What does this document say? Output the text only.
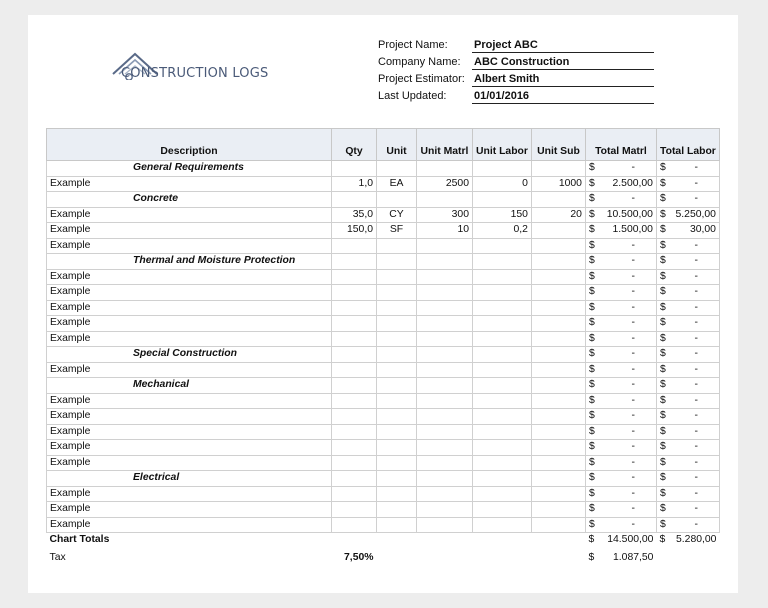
CONSTRUCTION LOGS
Project Name: Project ABC
Company Name: ABC Construction
Project Estimator: Albert Smith
Last Updated:	01/01/2016
Description	Qty	Unit	Unit Matrl	Unit Labor	Unit Sub	Total Matrl	Total Labor
General Requirements						$ -	$ -

Example	1,0	EA	2500	0	1000	$ 2.500,00	$ -

Concrete						$ -	$ -

Example	35,0	CY	300	150	20	$ 10.500,00	$ 5.250,00

Example	150,0	SF	10	0,2		$ 1.500,00	$ 30,00

Example						$ -	$ -

Thermal and Moisture Protection						$ -	$ -

Example						$ -	$ -

Example						$ -	$ -

Example						$ -	$ -

Example						$ -	$ -

Example						$ -	$ -

Special Construction						$ -	$ -

Example						$ -	$ -

Mechanical						$ -	$ -

Example						$ -	$ -

Example						$ -	$ -

Example						$ -	$ -

Example						$ -	$ -

Example						$ -	$ -

Electrical						$ -	$ -

Example						$ -	$ -

Example						$ -	$ -

Example						$ -	$ -

Chart Totals						$ 14.500,00	$ 5.280,00

Tax	7,50%					$ 1.087,50	
